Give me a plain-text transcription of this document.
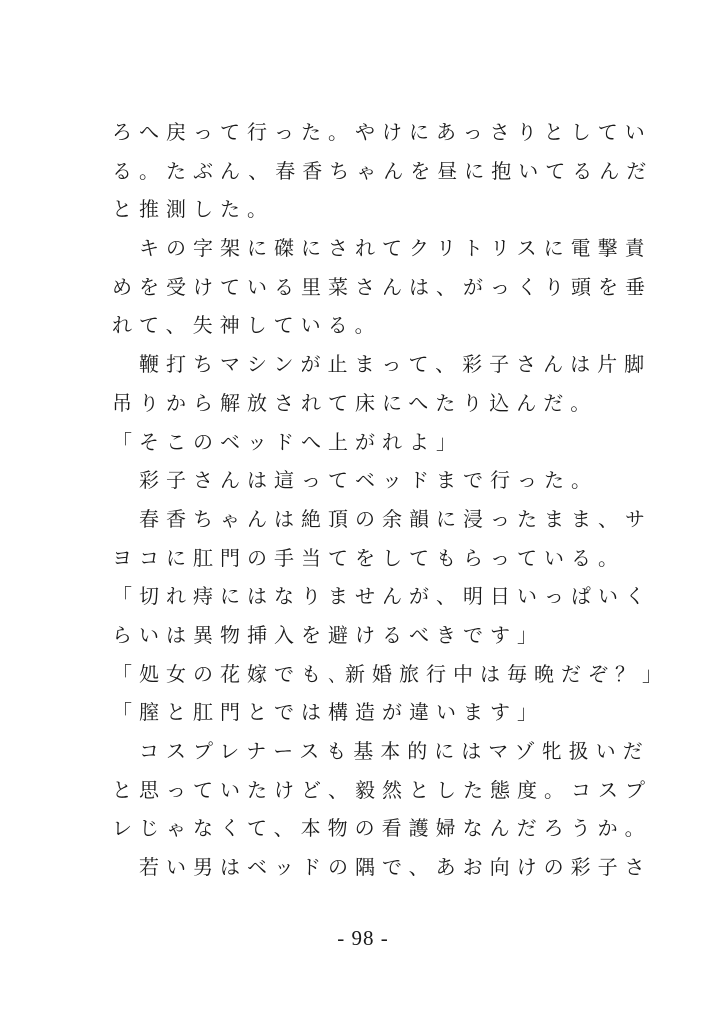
ろへ戻って行った。やけにあっさりとしてい
る。たぶん、春香ちゃんを昼に抱いてるんだ
と推測した。
　キの字架に磔にされてクリトリスに電撃責
めを受けている里菜さんは、がっくり頭を垂
れて、失神している。
　鞭打ちマシンが止まって、彩子さんは片脚
吊りから解放されて床にへたり込んだ。
「そこのベッドへ上がれよ」
　彩子さんは這ってベッドまで行った。
　春香ちゃんは絶頂の余韻に浸ったまま、サ
ヨコに肛門の手当てをしてもらっている。
「切れ痔にはなりませんが、明日いっぱいく
らいは異物挿入を避けるべきです」
「処女の花嫁でも､新婚旅行中は毎晩だぞ？」
「膣と肛門とでは構造が違います」
　コスプレナースも基本的にはマゾ牝扱いだ
と思っていたけど、毅然とした態度。コスプ
レじゃなくて、本物の看護婦なんだろうか。
　若い男はベッドの隅で、あお向けの彩子さ
- 98 -
